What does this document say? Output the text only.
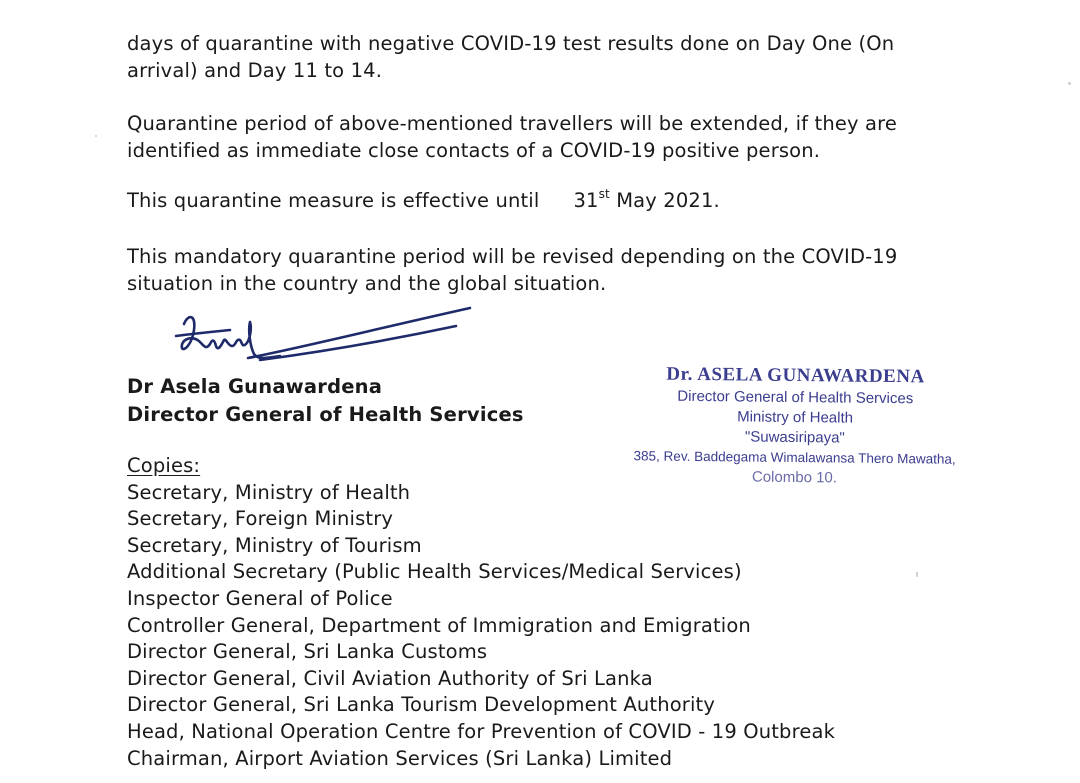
days of quarantine with negative COVID-19 test results done on Day One (On
arrival) and Day 11 to 14.

Quarantine period of above-mentioned travellers will be extended, if they are
identified as immediate close contacts of a COVID-19 positive person.

This quarantine measure is effective until 31st May 2021.

This mandatory quarantine period will be revised depending on the COVID-19
situation in the country and the global situation.

Dr Asela Gunawardena
Director General of Health Services
Dr. ASELA GUNAWARDENA
Director General of Health Services
Ministry of Health
"Suwasiripaya"
385, Rev. Baddegama Wimalawansa Thero Mawatha,
Colombo 10.
Copies:
Secretary, Ministry of Health
Secretary, Foreign Ministry
Secretary, Ministry of Tourism
Additional Secretary (Public Health Services/Medical Services)
Inspector General of Police
Controller General, Department of Immigration and Emigration
Director General, Sri Lanka Customs
Director General, Civil Aviation Authority of Sri Lanka
Director General, Sri Lanka Tourism Development Authority
Head, National Operation Centre for Prevention of COVID - 19 Outbreak
Chairman, Airport Aviation Services (Sri Lanka) Limited
